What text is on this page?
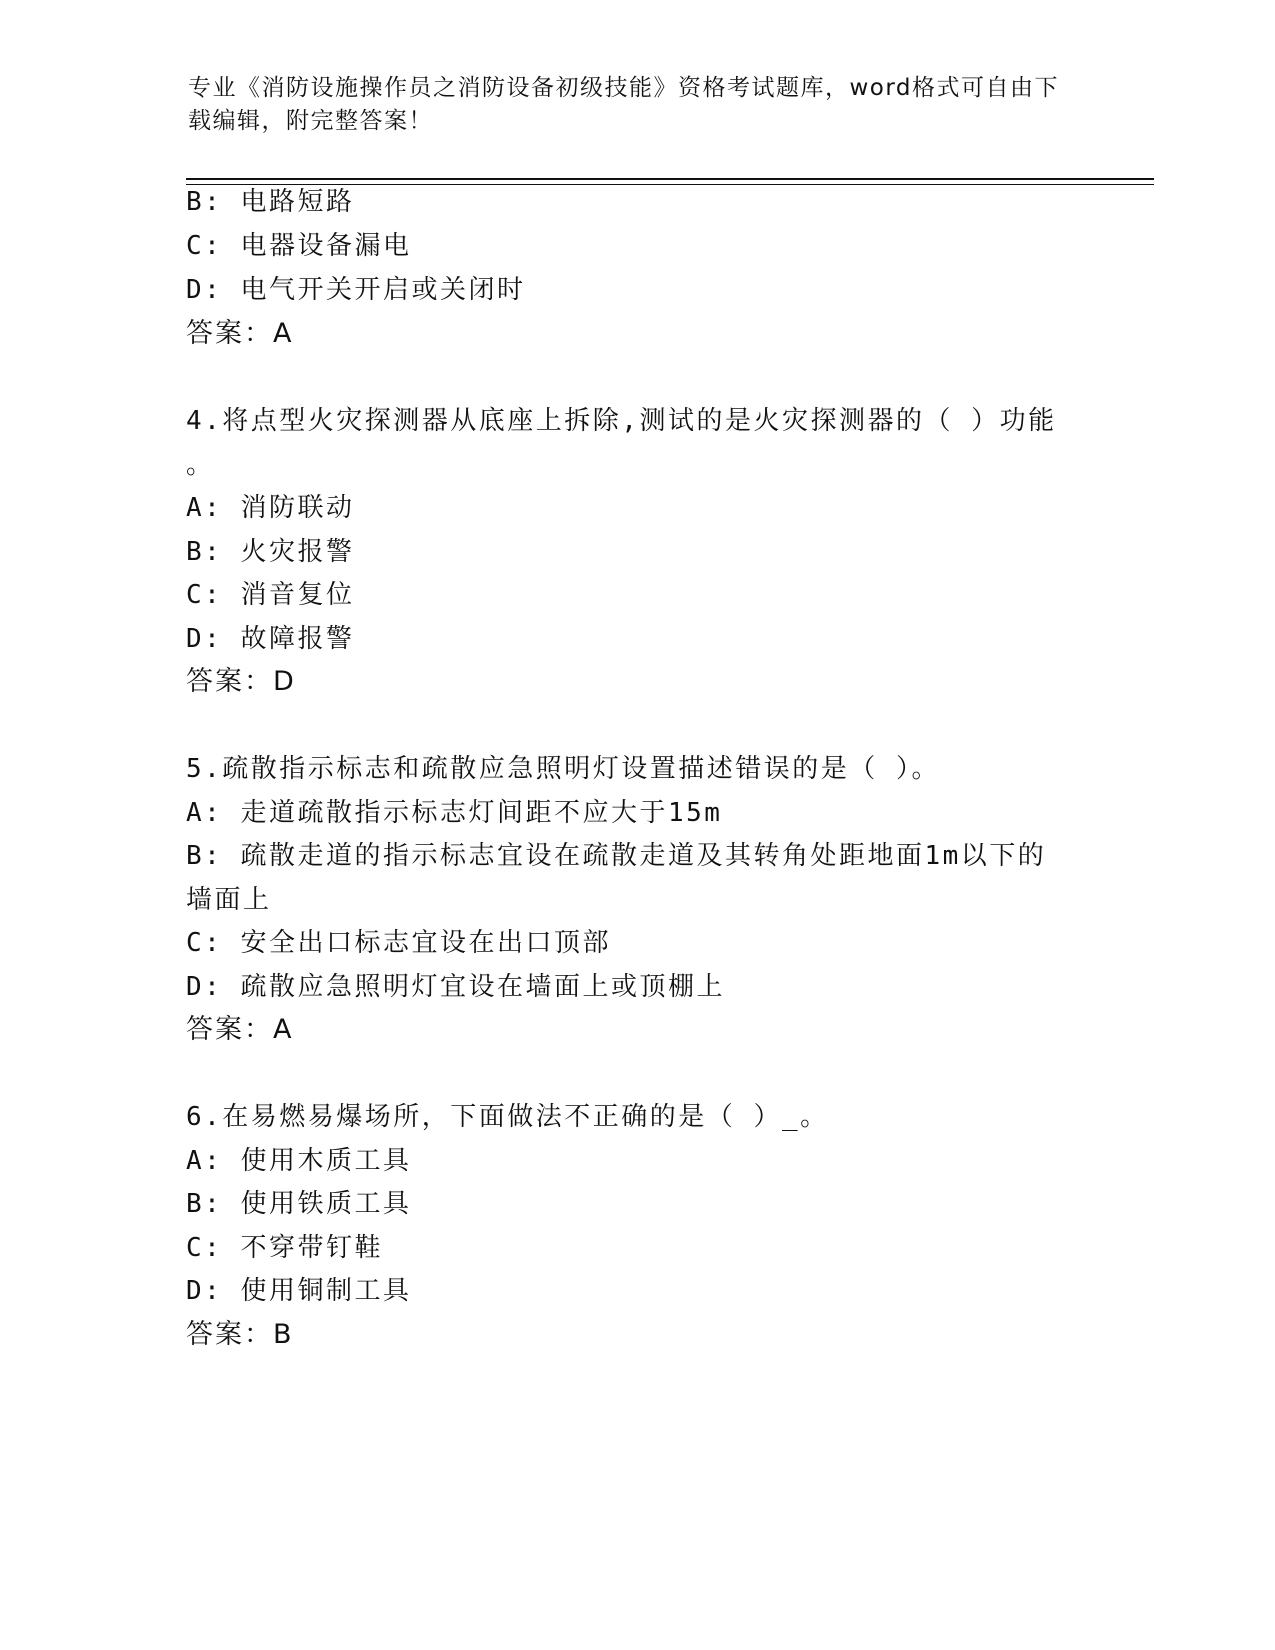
专业《消防设施操作员之消防设备初级技能》资格考试题库，word格式可自由下载编辑，附完整答案！
B: 电路短路
C: 电器设备漏电
D: 电气开关开启或关闭时
答案：A
4.将点型火灾探测器从底座上拆除,测试的是火灾探测器的（ ）功能
。
A: 消防联动
B: 火灾报警
C: 消音复位
D: 故障报警
答案：D
5.疏散指示标志和疏散应急照明灯设置描述错误的是（ ）。
A: 走道疏散指示标志灯间距不应大于15m
B: 疏散走道的指示标志宜设在疏散走道及其转角处距地面1m以下的
墙面上
C: 安全出口标志宜设在出口顶部
D: 疏散应急照明灯宜设在墙面上或顶棚上
答案：A
6.在易燃易爆场所，下面做法不正确的是（ ）_。
A: 使用木质工具
B: 使用铁质工具
C: 不穿带钉鞋
D: 使用铜制工具
答案：B
